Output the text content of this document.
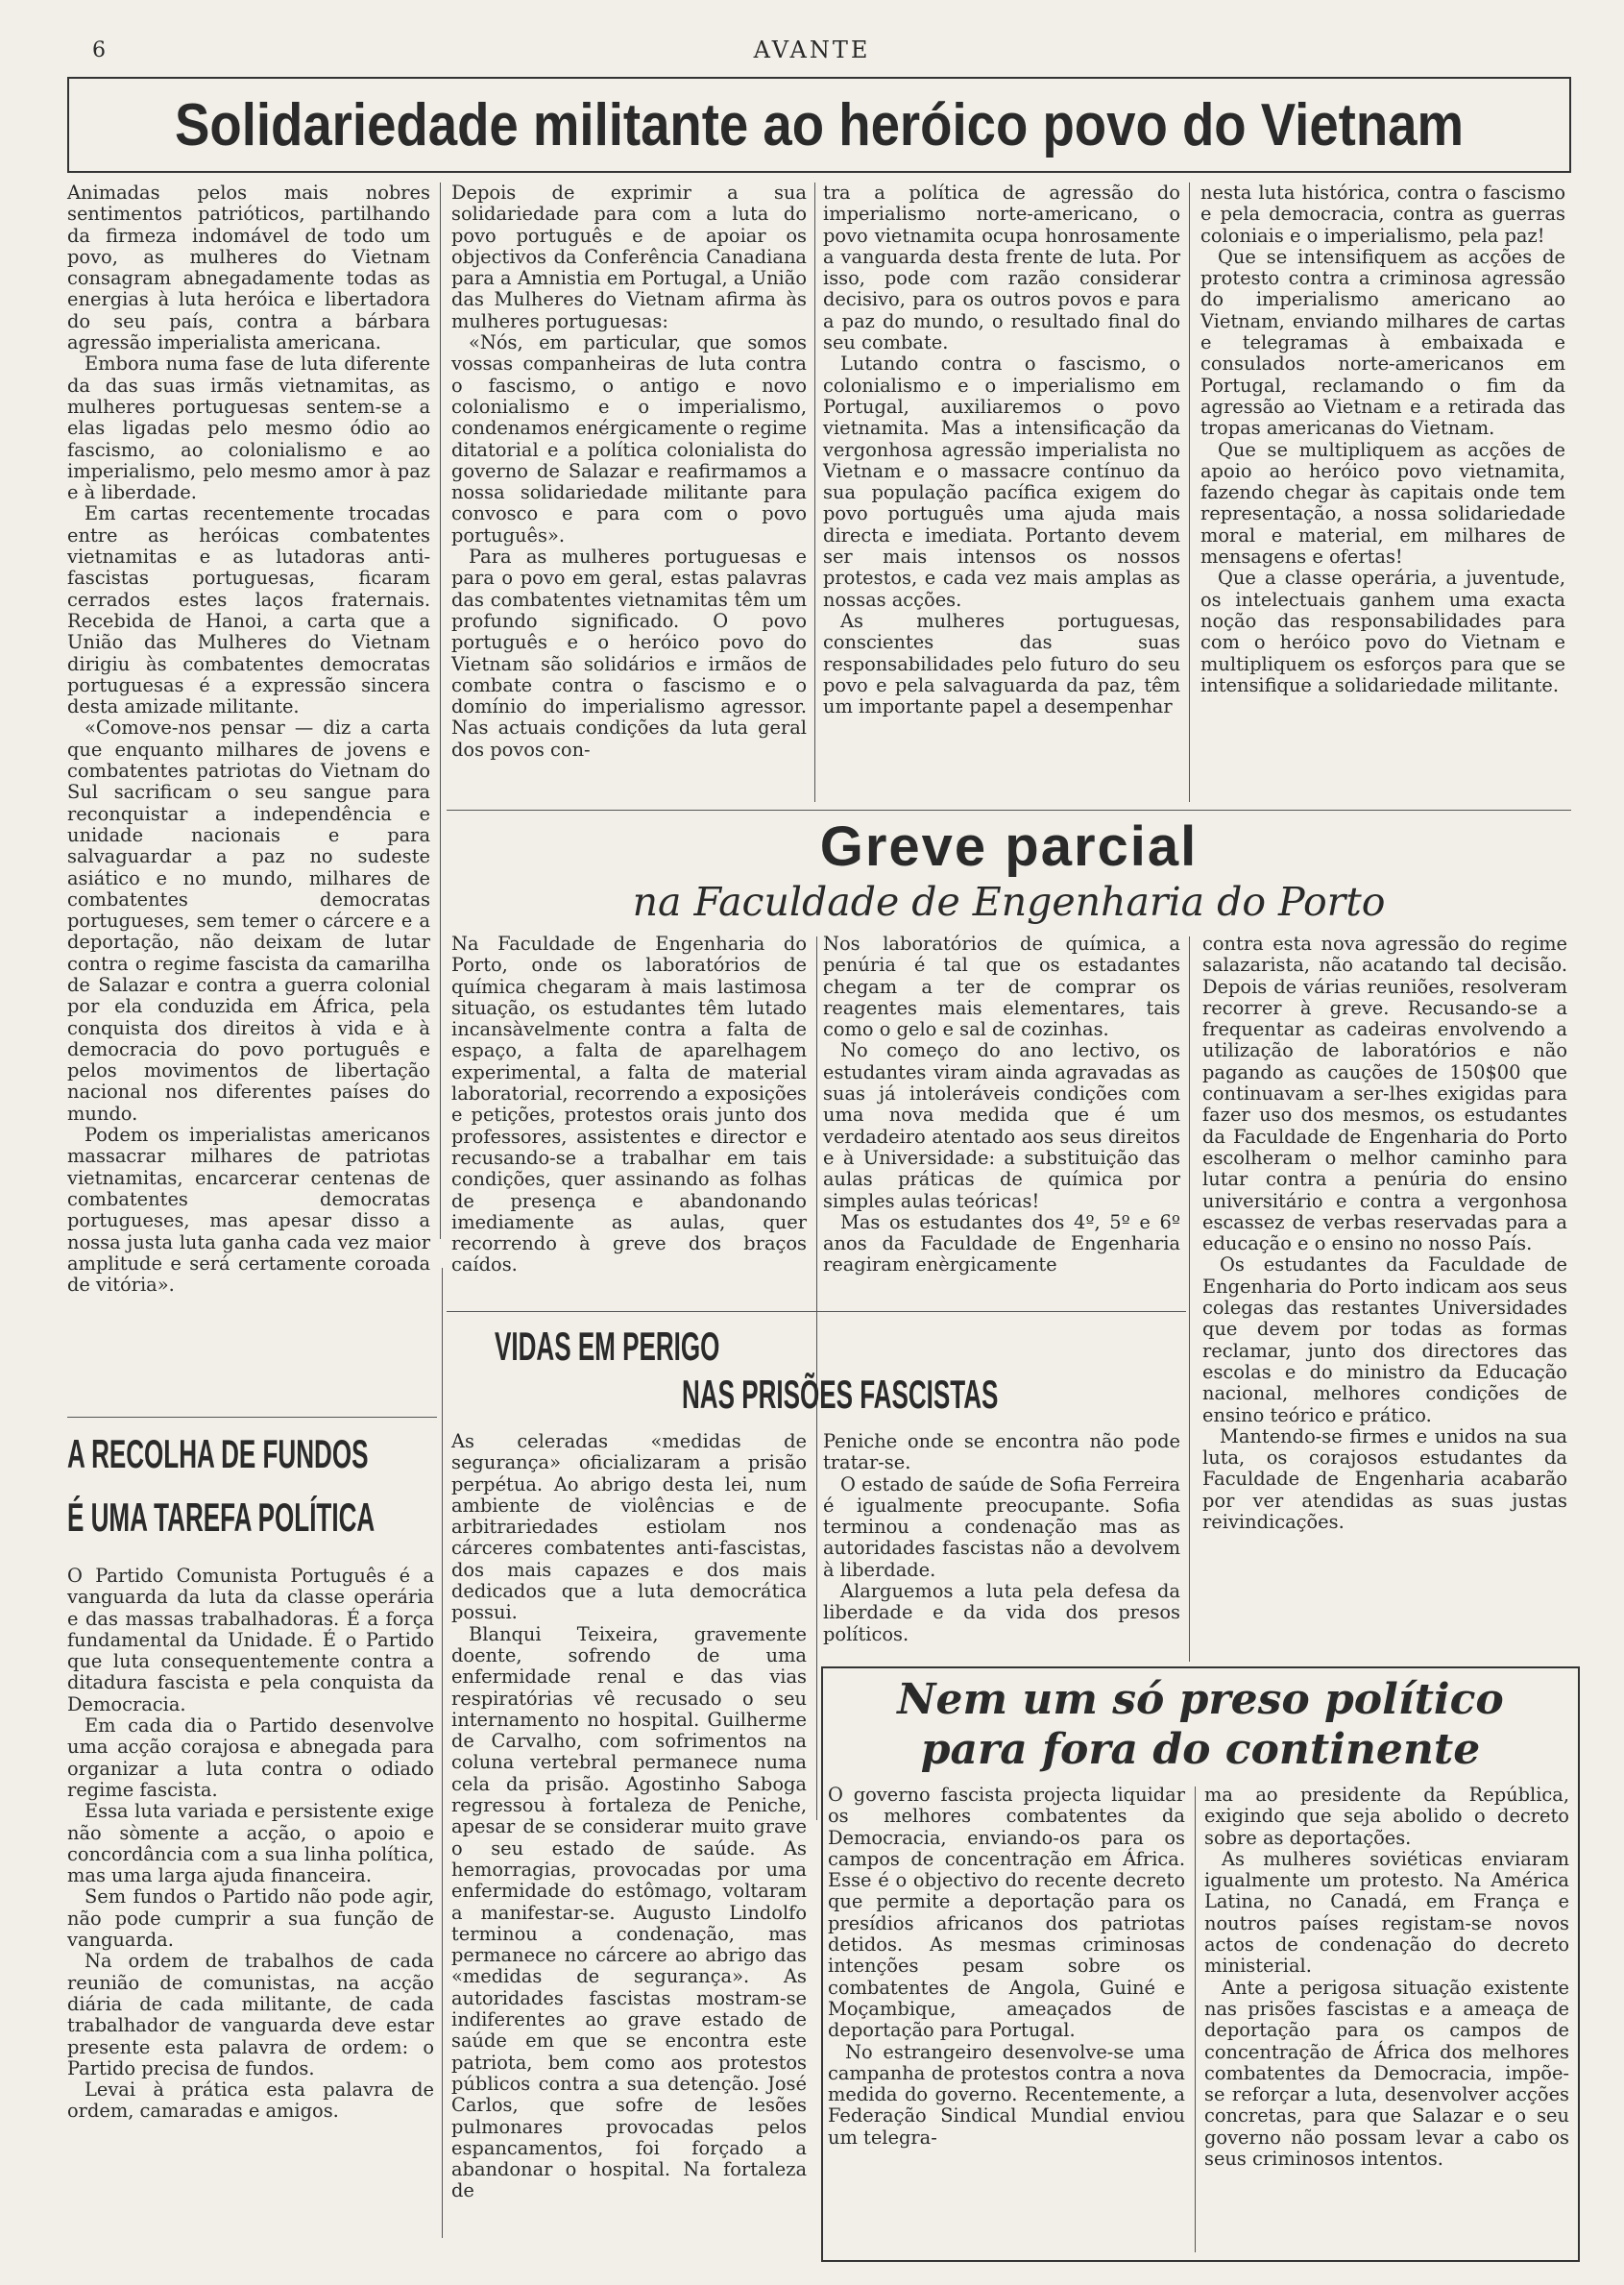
6	AVANTE
Solidariedade militante ao heróico povo do Vietnam

Animadas pelos mais nobres sentimentos patrióticos, partilhando da firmeza indomável de todo um povo, as mulheres do Vietnam consagram abnegadamente todas as energias à luta heróica e libertadora do seu país, contra a bárbara agressão imperialista americana.

Embora numa fase de luta diferente da das suas irmãs vietnamitas, as mulheres portuguesas sentem-se a elas ligadas pelo mesmo ódio ao fascismo, ao colonialismo e ao imperialismo, pelo mesmo amor à paz e à liberdade.

Em cartas recentemente trocadas entre as heróicas combatentes vietnamitas e as lutadoras anti-fascistas portuguesas, ficaram cerrados estes laços fraternais. Recebida de Hanoi, a carta que a União das Mulheres do Vietnam dirigiu às combatentes democratas portuguesas é a expressão sincera desta amizade militante.

«Comove-nos pensar — diz a carta que enquanto milhares de jovens e combatentes patriotas do Vietnam do Sul sacrificam o seu sangue para reconquistar a independência e unidade nacionais e para salvaguardar a paz no sudeste asiático e no mundo, milhares de combatentes democratas portugueses, sem temer o cárcere e a deportação, não deixam de lutar contra o regime fascista da camarilha de Salazar e contra a guerra colonial por ela conduzida em África, pela conquista dos direitos à vida e à democracia do povo português e pelos movimentos de libertação nacional nos diferentes países do mundo.

Podem os imperialistas americanos massacrar milhares de patriotas vietnamitas, encarcerar centenas de combatentes democratas portugueses, mas apesar disso a nossa justa luta ganha cada vez maior amplitude e será certamente coroada de vitória».

Depois de exprimir a sua solidariedade para com a luta do povo português e de apoiar os objectivos da Conferência Canadiana para a Amnistia em Portugal, a União das Mulheres do Vietnam afirma às mulheres portuguesas:

«Nós, em particular, que somos vossas companheiras de luta contra o fascismo, o antigo e novo colonialismo e o imperialismo, condenamos enérgicamente o regime ditatorial e a política colonialista do governo de Salazar e reafirmamos a nossa solidariedade militante para convosco e para com o povo português».

Para as mulheres portuguesas e para o povo em geral, estas palavras das combatentes vietnamitas têm um profundo significado. O povo português e o heróico povo do Vietnam são solidários e irmãos de combate contra o fascismo e o domínio do imperialismo agressor. Nas actuais condições da luta geral dos povos con-

tra a política de agressão do imperialismo norte-americano, o povo vietnamita ocupa honrosamente a vanguarda desta frente de luta. Por isso, pode com razão considerar decisivo, para os outros povos e para a paz do mundo, o resultado final do seu combate.

Lutando contra o fascismo, o colonialismo e o imperialismo em Portugal, auxiliaremos o povo vietnamita. Mas a intensificação da vergonhosa agressão imperialista no Vietnam e o massacre contínuo da sua população pacífica exigem do povo português uma ajuda mais directa e imediata. Portanto devem ser mais intensos os nossos protestos, e cada vez mais amplas as nossas acções.

As mulheres portuguesas, conscientes das suas responsabilidades pelo futuro do seu povo e pela salvaguarda da paz, têm um importante papel a desempenhar

nesta luta histórica, contra o fascismo e pela democracia, contra as guerras coloniais e o imperialismo, pela paz!

Que se intensifiquem as acções de protesto contra a criminosa agressão do imperialismo americano ao Vietnam, enviando milhares de cartas e telegramas à embaixada e consulados norte-americanos em Portugal, reclamando o fim da agressão ao Vietnam e a retirada das tropas americanas do Vietnam.

Que se multipliquem as acções de apoio ao heróico povo vietnamita, fazendo chegar às capitais onde tem representação, a nossa solidariedade moral e material, em milhares de mensagens e ofertas!

Que a classe operária, a juventude, os intelectuais ganhem uma exacta noção das responsabilidades para com o heróico povo do Vietnam e multipliquem os esforços para que se intensifique a solidariedade militante.

A RECOLHA DE FUNDOS
É UMA TAREFA POLÍTICA

O Partido Comunista Português é a vanguarda da luta da classe operária e das massas trabalhadoras. É a força fundamental da Unidade. É o Partido que luta consequentemente contra a ditadura fascista e pela conquista da Democracia.

Em cada dia o Partido desenvolve uma acção corajosa e abnegada para organizar a luta contra o odiado regime fascista.

Essa luta variada e persistente exige não sòmente a acção, o apoio e concordância com a sua linha política, mas uma larga ajuda financeira.

Sem fundos o Partido não pode agir, não pode cumprir a sua função de vanguarda.

Na ordem de trabalhos de cada reunião de comunistas, na acção diária de cada militante, de cada trabalhador de vanguarda deve estar presente esta palavra de ordem: o Partido precisa de fundos.

Levai à prática esta palavra de ordem, camaradas e amigos.

Greve parcial
na Faculdade de Engenharia do Porto

Na Faculdade de Engenharia do Porto, onde os laboratórios de química chegaram à mais lastimosa situação, os estudantes têm lutado incansàvelmente contra a falta de espaço, a falta de aparelhagem experimental, a falta de material laboratorial, recorrendo a exposições e petições, protestos orais junto dos professores, assistentes e director e recusando-se a trabalhar em tais condições, quer assinando as folhas de presença e abandonando imediamente as aulas, quer recorrendo à greve dos braços caídos.

Nos laboratórios de química, a penúria é tal que os estadantes chegam a ter de comprar os reagentes mais elementares, tais como o gelo e sal de cozinhas.

No começo do ano lectivo, os estudantes viram ainda agravadas as suas já intoleráveis condições com uma nova medida que é um verdadeiro atentado aos seus direitos e à Universidade: a substituição das aulas práticas de química por simples aulas teóricas!

Mas os estudantes dos 4º, 5º e 6º anos da Faculdade de Engenharia reagiram enèrgicamente

contra esta nova agressão do regime salazarista, não acatando tal decisão. Depois de várias reuniões, resolveram recorrer à greve. Recusando-se a frequentar as cadeiras envolvendo a utilização de laboratórios e não pagando as cauções de 150$00 que continuavam a ser-lhes exigidas para fazer uso dos mesmos, os estudantes da Faculdade de Engenharia do Porto escolheram o melhor caminho para lutar contra a penúria do ensino universitário e contra a vergonhosa escassez de verbas reservadas para a educação e o ensino no nosso País.

Os estudantes da Faculdade de Engenharia do Porto indicam aos seus colegas das restantes Universidades que devem por todas as formas reclamar, junto dos directores das escolas e do ministro da Educação nacional, melhores condições de ensino teórico e prático.

Mantendo-se firmes e unidos na sua luta, os corajosos estudantes da Faculdade de Engenharia acabarão por ver atendidas as suas justas reivindicações.

VIDAS EM PERIGO
NAS PRISÕES FASCISTAS

As celeradas «medidas de segurança» oficializaram a prisão perpétua. Ao abrigo desta lei, num ambiente de violências e de arbitrariedades estiolam nos cárceres combatentes anti-fascistas, dos mais capazes e dos mais dedicados que a luta democrática possui.

Blanqui Teixeira, gravemente doente, sofrendo de uma enfermidade renal e das vias respiratórias vê recusado o seu internamento no hospital. Guilherme de Carvalho, com sofrimentos na coluna vertebral permanece numa cela da prisão. Agostinho Saboga regressou à fortaleza de Peniche, apesar de se considerar muito grave o seu estado de saúde. As hemorragias, provocadas por uma enfermidade do estômago, voltaram a manifestar-se. Augusto Lindolfo terminou a condenação, mas permanece no cárcere ao abrigo das «medidas de segurança». As autoridades fascistas mostram-se indiferentes ao grave estado de saúde em que se encontra este patriota, bem como aos protestos públicos contra a sua detenção. José Carlos, que sofre de lesões pulmonares provocadas pelos espancamentos, foi forçado a abandonar o hospital. Na fortaleza de

Peniche onde se encontra não pode tratar-se.

O estado de saúde de Sofia Ferreira é igualmente preocupante. Sofia terminou a condenação mas as autoridades fascistas não a devolvem à liberdade.

Alarguemos a luta pela defesa da liberdade e da vida dos presos políticos.

Nem um só preso político
para fora do continente

O governo fascista projecta liquidar os melhores combatentes da Democracia, enviando-os para os campos de concentração em África. Esse é o objectivo do recente decreto que permite a deportação para os presídios africanos dos patriotas detidos. As mesmas criminosas intenções pesam sobre os combatentes de Angola, Guiné e Moçambique, ameaçados de deportação para Portugal.

No estrangeiro desenvolve-se uma campanha de protestos contra a nova medida do governo. Recentemente, a Federação Sindical Mundial enviou um telegra-

ma ao presidente da República, exigindo que seja abolido o decreto sobre as deportações.

As mulheres soviéticas enviaram igualmente um protesto. Na América Latina, no Canadá, em França e noutros países registam-se novos actos de condenação do decreto ministerial.

Ante a perigosa situação existente nas prisões fascistas e a ameaça de deportação para os campos de concentração de África dos melhores combatentes da Democracia, impõe-se reforçar a luta, desenvolver acções concretas, para que Salazar e o seu governo não possam levar a cabo os seus criminosos intentos.
